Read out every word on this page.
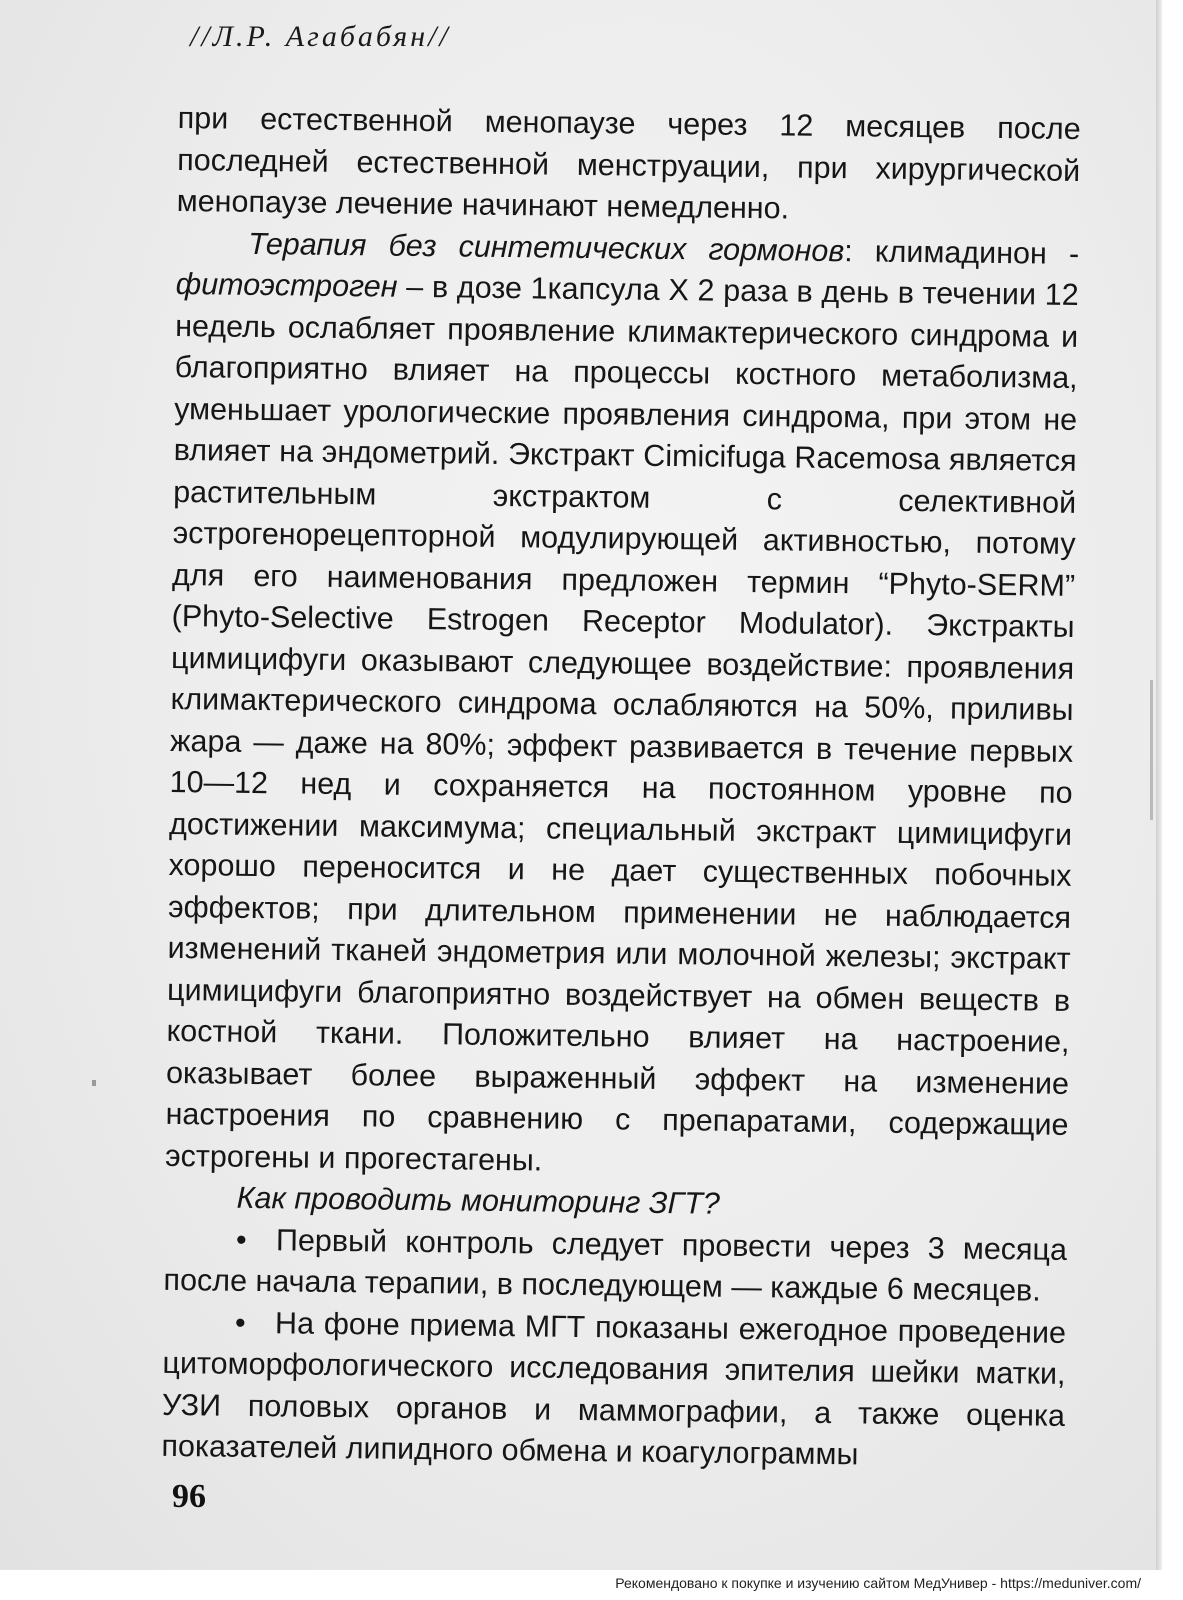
//Л.Р. Агабабян//

при естественной менопаузе через 12 месяцев после последней естественной менструации, при хирургической менопаузе лечение начинают немедленно.

Терапия без синтетических гормонов: климадинон - фитоэстроген – в дозе 1капсула Х 2 раза в день в течении 12 недель ослабляет проявление климактерического синдрома и благоприятно влияет на процессы костного метаболизма, уменьшает урологические проявления синдрома, при этом не влияет на эндометрий. Экстракт Cimicifuga Racemosa является растительным экстрактом с селективной эстрогенорецепторной модулирующей активностью, потому для его наименования предложен термин “Phyto-SERM” (Phyto-Selective Estrogen Receptor Modulator). Экстракты цимицифуги оказывают следующее воздействие: проявления климактерического синдрома ослабляются на 50%, приливы жара — даже на 80%; эффект развивается в течение первых 10—12 нед и сохраняется на постоянном уровне по достижении максимума; специальный экстракт цимицифуги хорошо переносится и не дает существенных побочных эффектов; при длительном применении не наблюдается изменений тканей эндометрия или молочной железы; экстракт цимицифуги благоприятно воздействует на обмен веществ в костной ткани. Положительно влияет на настроение, оказывает более выраженный эффект на изменение настроения по сравнению с препаратами, содержащие эстрогены и прогестагены.

Как проводить мониторинг ЗГТ?

• Первый контроль следует провести через 3 месяца после начала терапии, в последующем — каждые 6 месяцев.

• На фоне приема МГТ показаны ежегодное проведение цитоморфологического исследования эпителия шейки матки, УЗИ половых органов и маммографии, а также оценка показателей липидного обмена и коагулограммы

96
Рекомендовано к покупке и изучению сайтом МедУнивер - https://meduniver.com/
